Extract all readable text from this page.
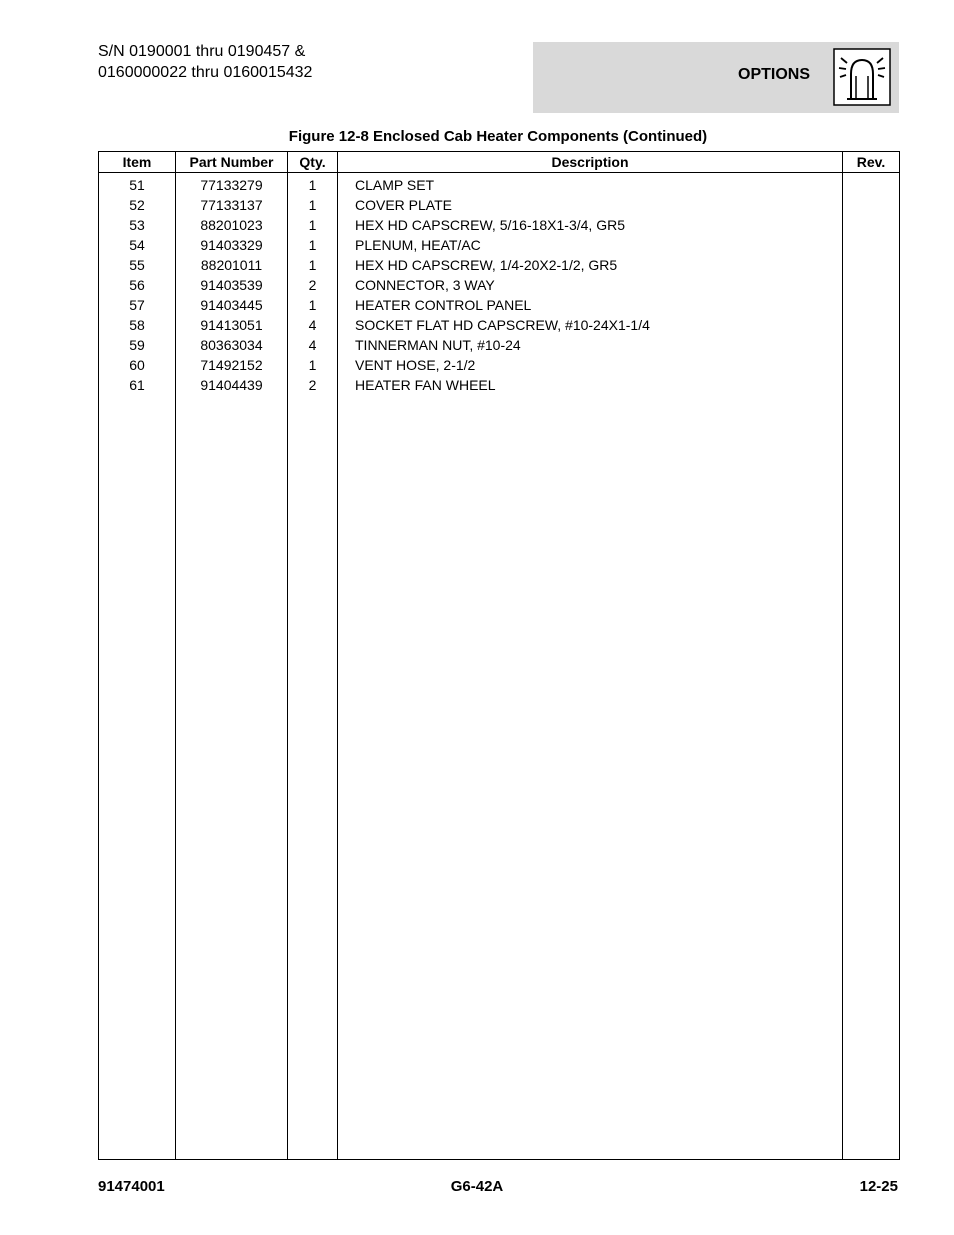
S/N 0190001 thru 0190457 &
0160000022 thru 0160015432	OPTIONS
Figure 12-8 Enclosed Cab Heater Components (Continued)
Item	Part Number	Qty.	Description	Rev.
51	77133279	1	CLAMP SET	
52	77133137	1	COVER PLATE	
53	88201023	1	HEX HD CAPSCREW, 5/16-18X1-3/4, GR5	
54	91403329	1	PLENUM, HEAT/AC	
55	88201011	1	HEX HD CAPSCREW, 1/4-20X2-1/2, GR5	
56	91403539	2	CONNECTOR, 3 WAY	
57	91403445	1	HEATER CONTROL PANEL	
58	91413051	4	SOCKET FLAT HD CAPSCREW, #10-24X1-1/4	
59	80363034	4	TINNERMAN NUT, #10-24	
60	71492152	1	VENT HOSE, 2-1/2	
61	91404439	2	HEATER FAN WHEEL	

91474001	G6-42A	12-25
